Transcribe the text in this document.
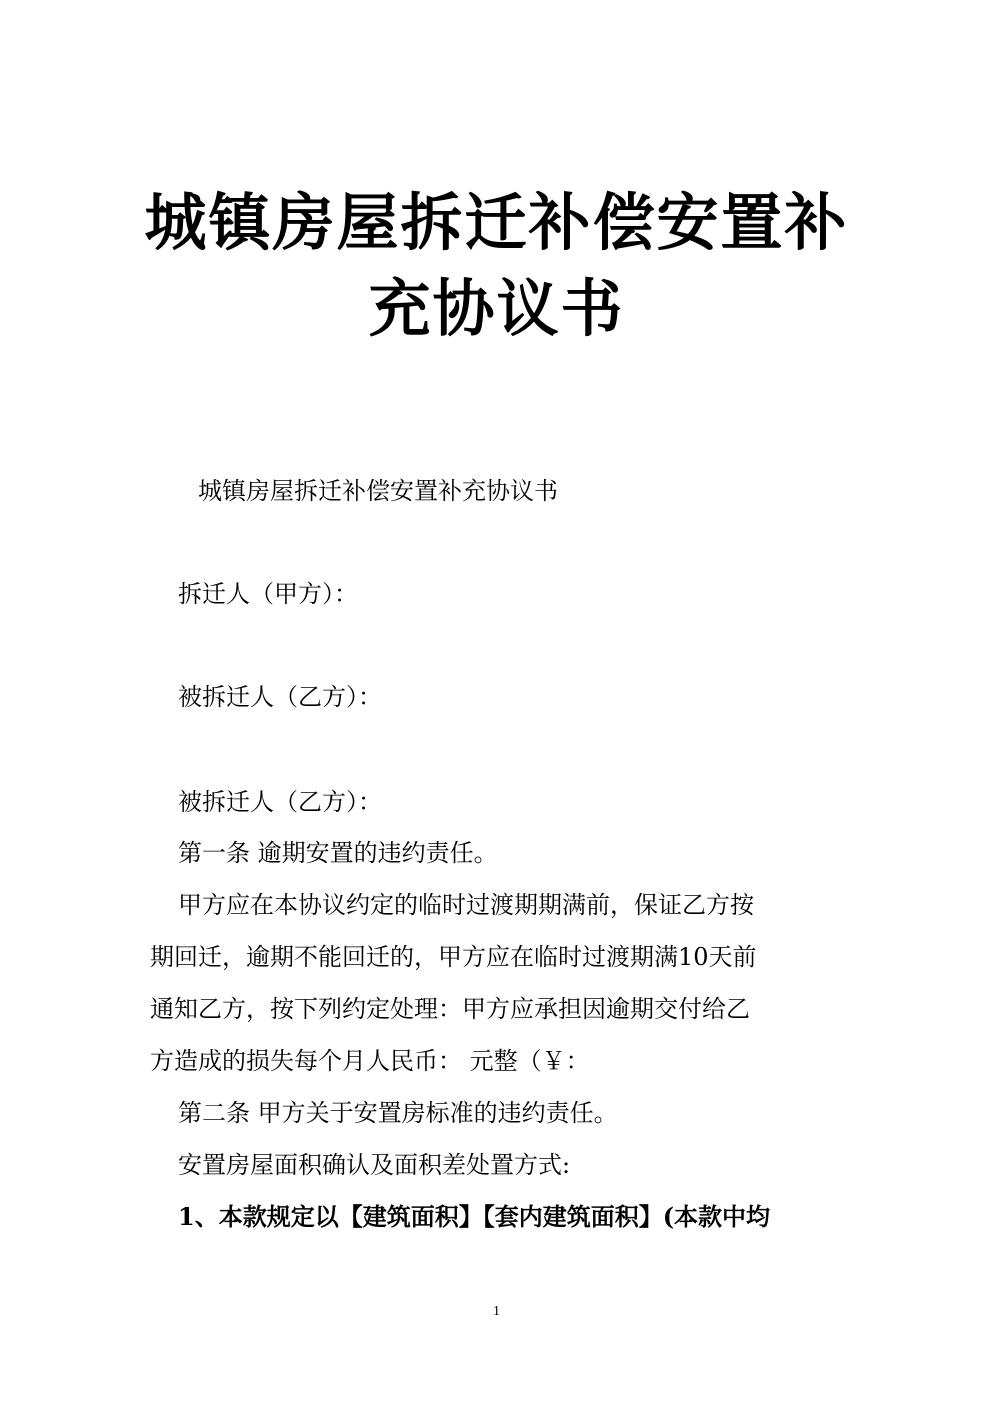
城镇房屋拆迁补偿安置补
充协议书

城镇房屋拆迁补偿安置补充协议书

拆迁人（甲方）：

被拆迁人（乙方）：

被拆迁人（乙方）：

第一条 逾期安置的违约责任。

甲方应在本协议约定的临时过渡期期满前，保证乙方按

期回迁，逾期不能回迁的，甲方应在临时过渡期满10天前

通知乙方，按下列约定处理：甲方应承担因逾期交付给乙

方造成的损失每个月人民币： 元整（￥：

第二条 甲方关于安置房标准的违约责任。

安置房屋面积确认及面积差处置方式:

1、本款规定以【建筑面积】【套内建筑面积】(本款中均

1
